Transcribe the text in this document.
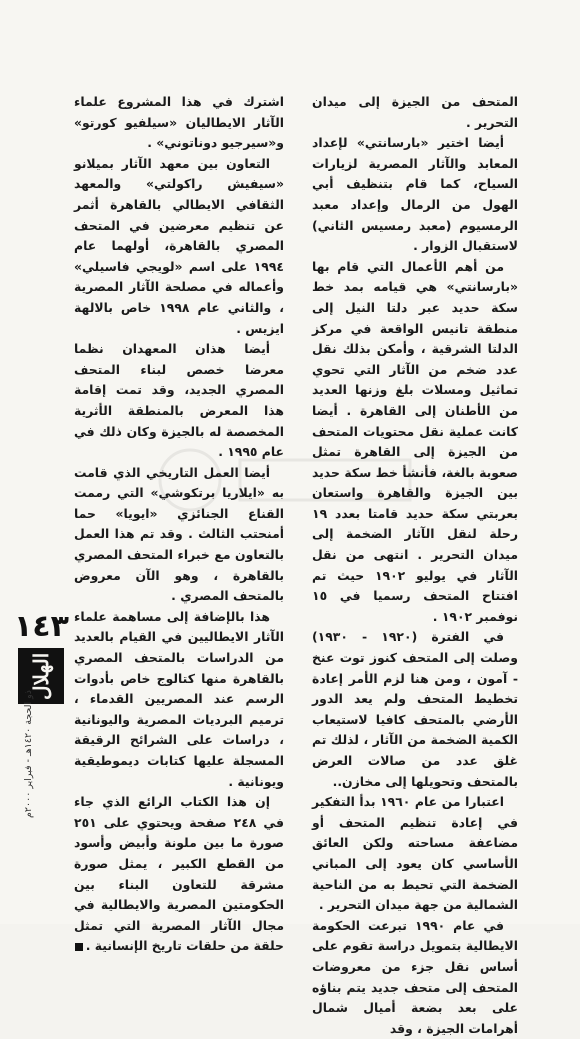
المتحف من الجيزة إلى ميدان التحرير .

أيضا اختير «بارسانتي» لإعداد المعابد والآثار المصرية لزيارات السياح، كما قام بتنظيف أبي الهول من الرمال وإعداد معبد الرمسيوم (معبد رمسيس الثاني) لاستقبال الزوار .

من أهم الأعمال التي قام بها «بارسانتي» هي قيامه بمد خط سكة حديد عبر دلتا النيل إلى منطقة تانيس الواقعة في مركز الدلتا الشرقية ، وأمكن بذلك نقل عدد ضخم من الآثار التي تحوي تماثيل ومسلات بلغ وزنها العديد من الأطنان إلى القاهرة . أيضا كانت عملية نقل محتويات المتحف من الجيزة إلى القاهرة تمثل صعوبة بالغة، فأنشأ خط سكة حديد بين الجيزة والقاهرة واستعان بعربتي سكة حديد قامتا بعدد ١٩ رحلة لنقل الآثار الضخمة إلى ميدان التحرير . انتهى من نقل الآثار في يوليو ١٩٠٢ حيث تم افتتاح المتحف رسميا في ١٥ نوفمبر ١٩٠٢ .

في الفترة (١٩٢٠ - ١٩٣٠) وصلت إلى المتحف كنوز توت عنخ - آمون ، ومن هنا لزم الأمر إعادة تخطيط المتحف ولم يعد الدور الأرضي بالمتحف كافيا لاستيعاب الكمية الضخمة من الآثار ، لذلك تم غلق عدد من صالات العرض بالمتحف وتحويلها إلى مخازن..

اعتبارا من عام ١٩٦٠ بدأ التفكير في إعادة تنظيم المتحف أو مضاعفة مساحته ولكن العائق الأساسي كان يعود إلى المباني الضخمة التي تحيط به من الناحية الشمالية من جهة ميدان التحرير .

في عام ١٩٩٠ تبرعت الحكومة الايطالية بتمويل دراسة تقوم على أساس نقل جزء من معروضات المتحف إلى متحف جديد يتم بناؤه على بعد بضعة أميال شمال أهرامات الجيزة ، وقد

اشترك في هذا المشروع علماء الآثار الايطاليان «سيلفيو كورتو» و«سيرجيو دوناتوني» .

التعاون بين معهد الآثار بميلانو «سيفيش راكولتي» والمعهد الثقافي الايطالي بالقاهرة أثمر عن تنظيم معرضين في المتحف المصري بالقاهرة، أولهما عام ١٩٩٤ على اسم «لويجي فاسيلي» وأعماله في مصلحة الآثار المصرية ، والثاني عام ١٩٩٨ خاص بالالهة ايزيس .

أيضا هذان المعهدان نظما معرضا خصص لبناء المتحف المصري الجديد، وقد تمت إقامة هذا المعرض بالمنطقة الأثرية المخصصة له بالجيزة وكان ذلك في عام ١٩٩٥ .

أيضا العمل التاريخي الذي قامت به «ايلاريا برتكوشي» التي رممت القناع الجنائزي «ايويا» حما أمنحتب الثالث . وقد تم هذا العمل بالتعاون مع خبراء المتحف المصري بالقاهرة ، وهو الآن معروض بالمتحف المصري .

هذا بالإضافة إلى مساهمة علماء الآثار الايطاليين في القيام بالعديد من الدراسات بالمتحف المصري بالقاهرة منها كتالوج خاص بأدوات الرسم عند المصريين القدماء ، ترميم البرديات المصرية واليونانية ، دراسات على الشرائح الرقيقة المسجلة عليها كتابات ديموطيقية ويونانية .

إن هذا الكتاب الرائع الذي جاء في ٢٤٨ صفحة ويحتوي على ٢٥١ صورة ما بين ملونة وأبيض وأسود من القطع الكبير ، يمثل صورة مشرقة للتعاون البناء بين الحكومتين المصرية والايطالية في مجال الآثار المصرية التي تمثل حلقة من حلقات تاريخ الإنسانية .

١٤٣
الهلال
ذو الحجة ١٤٢٠هـ - فبراير ٢٠٠٠م
